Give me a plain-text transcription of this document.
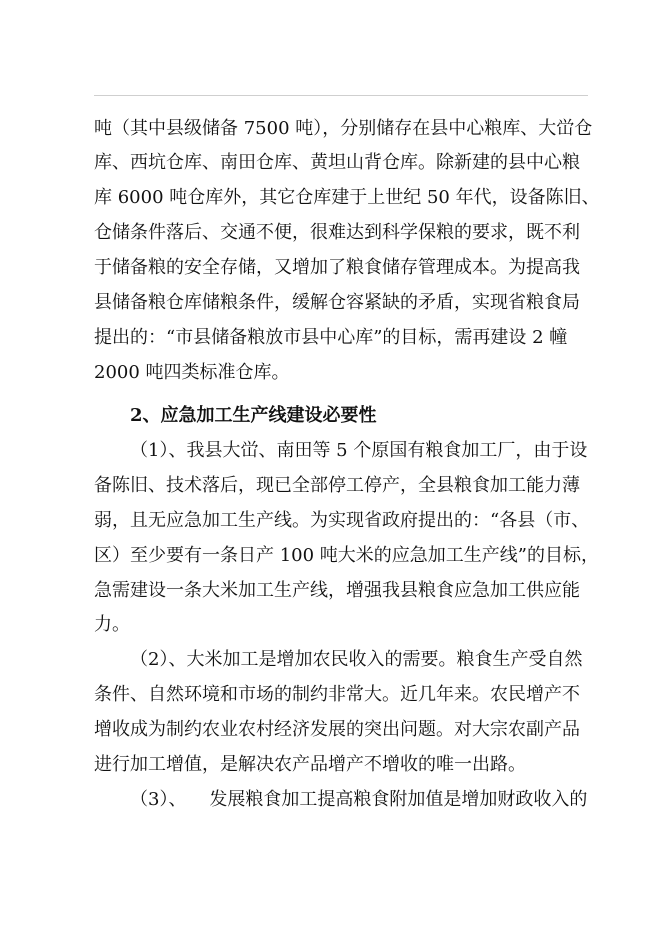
吨（其中县级储备 7500 吨），分别储存在县中心粮库、大峃仓
库、西坑仓库、南田仓库、黄坦山背仓库。除新建的县中心粮
库 6000 吨仓库外，其它仓库建于上世纪 50 年代，设备陈旧、
仓储条件落后、交通不便，很难达到科学保粮的要求，既不利
于储备粮的安全存储，又增加了粮食储存管理成本。为提高我
县储备粮仓库储粮条件，缓解仓容紧缺的矛盾，实现省粮食局
提出的：“市县储备粮放市县中心库”的目标，需再建设 2 幢
2000 吨四类标准仓库。
2、应急加工生产线建设必要性
（1）、我县大峃、南田等 5 个原国有粮食加工厂，由于设
备陈旧、技术落后，现已全部停工停产，全县粮食加工能力薄
弱，且无应急加工生产线。为实现省政府提出的：“各县（市、
区）至少要有一条日产 100 吨大米的应急加工生产线”的目标，
急需建设一条大米加工生产线，增强我县粮食应急加工供应能
力。
（2）、大米加工是增加农民收入的需要。粮食生产受自然
条件、自然环境和市场的制约非常大。近几年来。农民增产不
增收成为制约农业农村经济发展的突出问题。对大宗农副产品
进行加工增值，是解决农产品增产不增收的唯一出路。
（3）、    发展粮食加工提高粮食附加值是增加财政收入的
